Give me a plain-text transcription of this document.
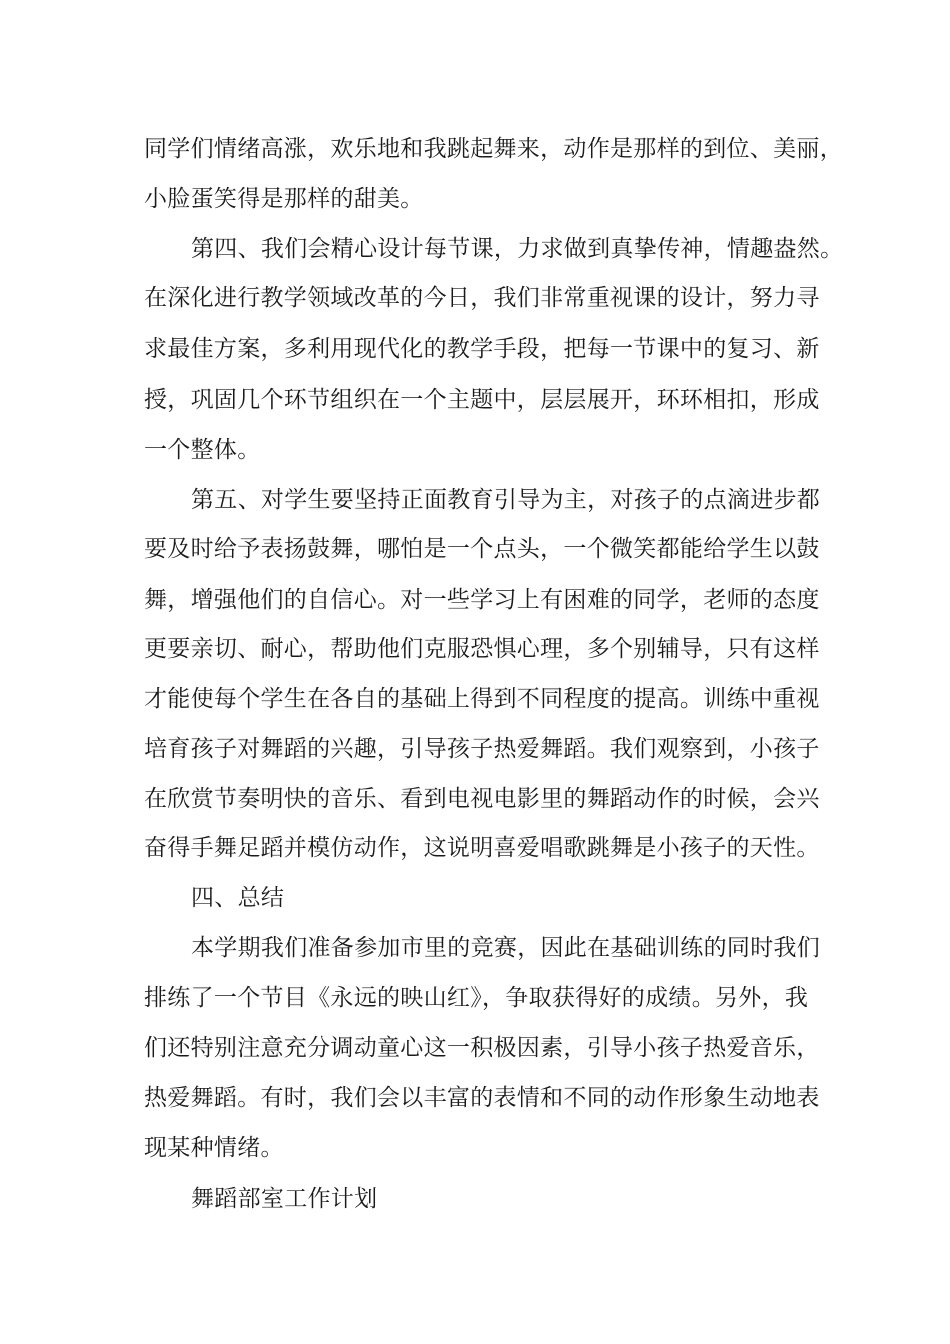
同学们情绪高涨，欢乐地和我跳起舞来，动作是那样的到位、美丽，
小脸蛋笑得是那样的甜美。
第四、我们会精心设计每节课，力求做到真挚传神，情趣盎然。
在深化进行教学领域改革的今日，我们非常重视课的设计，努力寻
求最佳方案，多利用现代化的教学手段，把每一节课中的复习、新
授，巩固几个环节组织在一个主题中，层层展开，环环相扣，形成
一个整体。
第五、对学生要坚持正面教育引导为主，对孩子的点滴进步都
要及时给予表扬鼓舞，哪怕是一个点头，一个微笑都能给学生以鼓
舞，增强他们的自信心。对一些学习上有困难的同学，老师的态度
更要亲切、耐心，帮助他们克服恐惧心理，多个别辅导，只有这样
才能使每个学生在各自的基础上得到不同程度的提高。训练中重视
培育孩子对舞蹈的兴趣，引导孩子热爱舞蹈。我们观察到，小孩子
在欣赏节奏明快的音乐、看到电视电影里的舞蹈动作的时候，会兴
奋得手舞足蹈并模仿动作，这说明喜爱唱歌跳舞是小孩子的天性。
四、总结
本学期我们准备参加市里的竞赛，因此在基础训练的同时我们
排练了一个节目《永远的映山红》，争取获得好的成绩。另外，我
们还特别注意充分调动童心这一积极因素，引导小孩子热爱音乐，
热爱舞蹈。有时，我们会以丰富的表情和不同的动作形象生动地表
现某种情绪。
舞蹈部室工作计划
